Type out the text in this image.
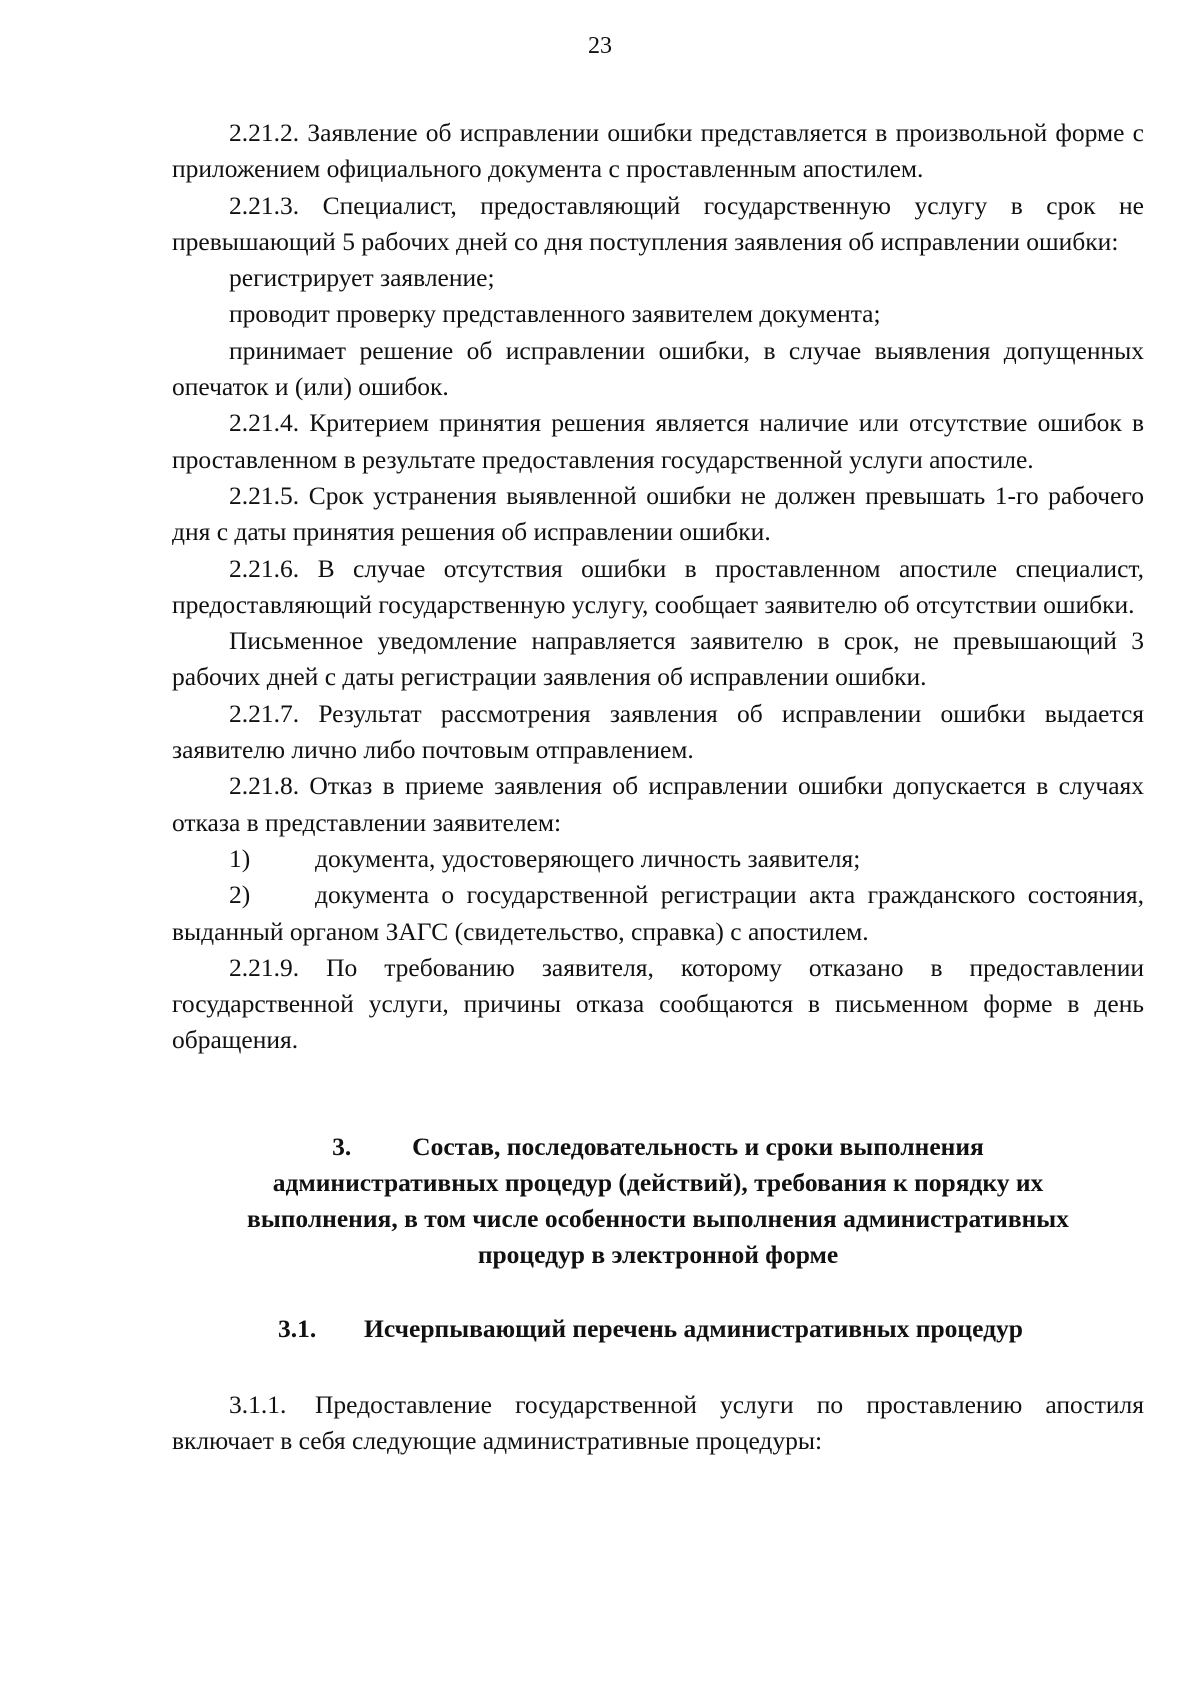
23

2.21.2. Заявление об исправлении ошибки представляется в произвольной форме с приложением официального документа с проставленным апостилем.

2.21.3. Специалист, предоставляющий государственную услугу в срок не превышающий 5 рабочих дней со дня поступления заявления об исправлении ошибки:

регистрирует заявление;

проводит проверку представленного заявителем документа;

принимает решение об исправлении ошибки, в случае выявления допущенных опечаток и (или) ошибок.

2.21.4. Критерием принятия решения является наличие или отсутствие ошибок в проставленном в результате предоставления государственной услуги апостиле.

2.21.5. Срок устранения выявленной ошибки не должен превышать 1-го рабочего дня с даты принятия решения об исправлении ошибки.

2.21.6. В случае отсутствия ошибки в проставленном апостиле специалист, предоставляющий государственную услугу, сообщает заявителю об отсутствии ошибки.

Письменное уведомление направляется заявителю в срок, не превышающий 3 рабочих дней с даты регистрации заявления об исправлении ошибки.

2.21.7. Результат рассмотрения заявления об исправлении ошибки выдается заявителю лично либо почтовым отправлением.

2.21.8. Отказ в приеме заявления об исправлении ошибки допускается в случаях отказа в представлении заявителем:

1)	документа, удостоверяющего личность заявителя;

2)	документа о государственной регистрации акта гражданского состояния, выданный органом ЗАГС (свидетельство, справка) с апостилем.

2.21.9. По требованию заявителя, которому отказано в предоставлении государственной услуги, причины отказа сообщаются в письменном форме в день обращения.

3. Состав, последовательность и сроки выполнения
административных процедур (действий), требования к порядку их
выполнения, в том числе особенности выполнения административных
процедур в электронной форме
3.1. Исчерпывающий перечень административных процедур

3.1.1. Предоставление государственной услуги по проставлению апостиля включает в себя следующие административные процедуры:
